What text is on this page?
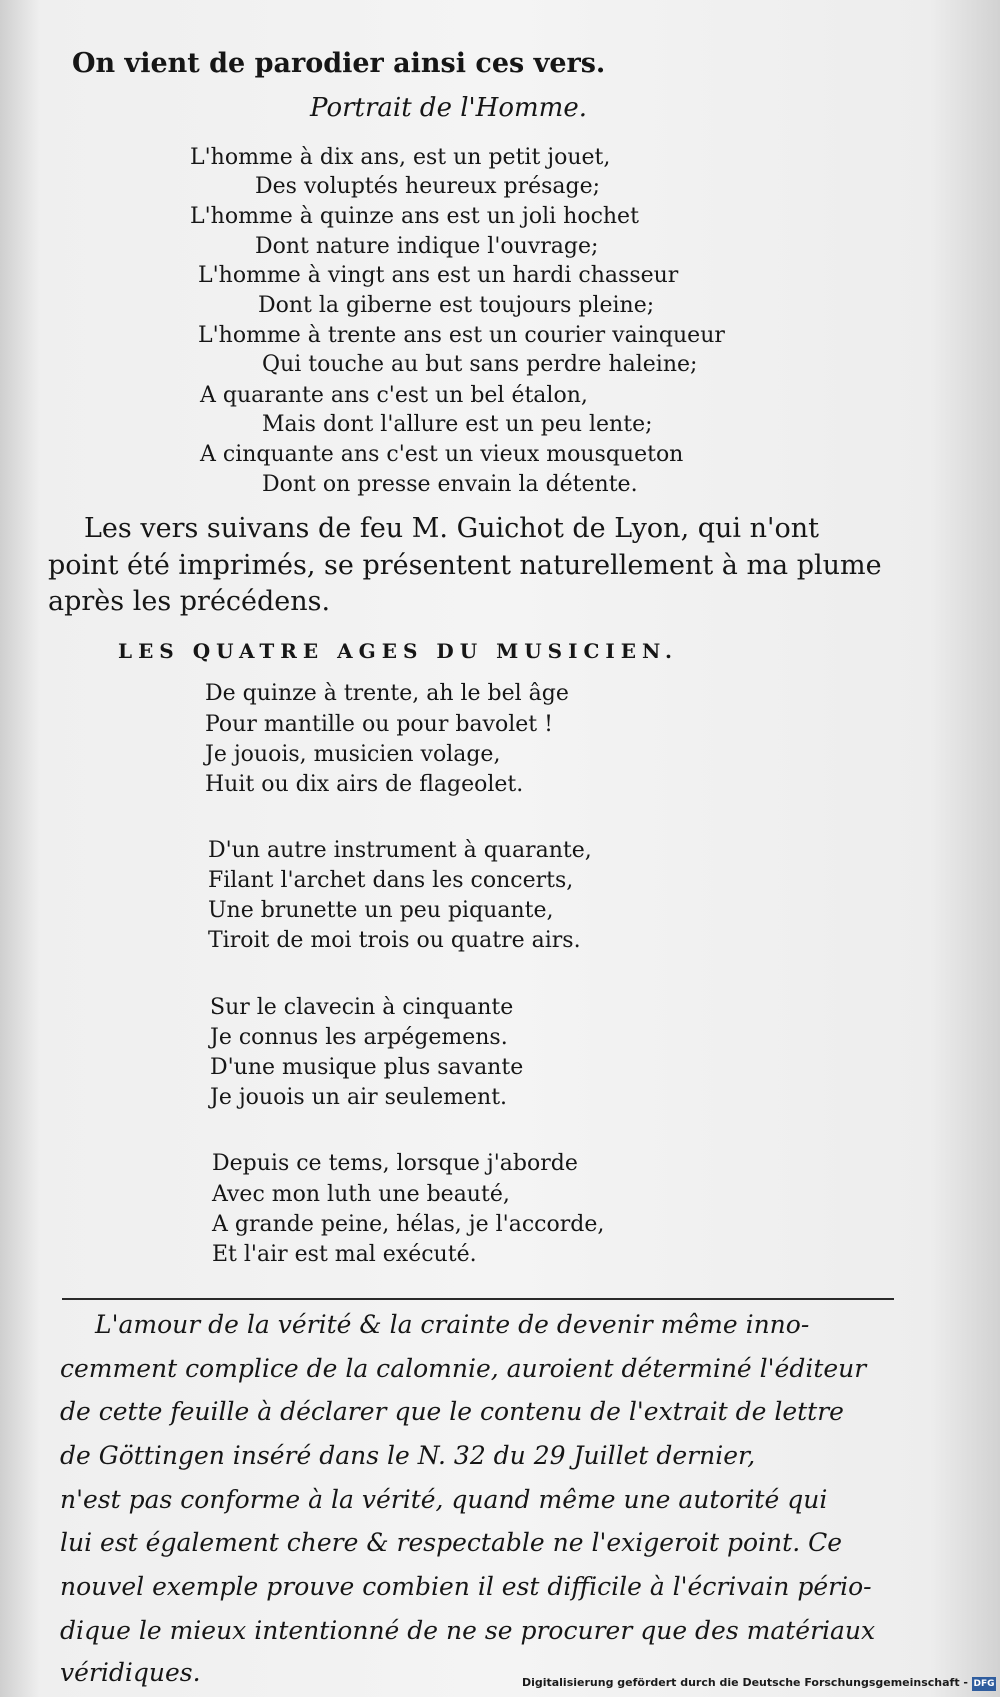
On vient de parodier ainsi ces vers.

Portrait de l'Homme.

L'homme à dix ans, est un petit jouet,

Des voluptés heureux présage;

L'homme à quinze ans est un joli hochet

Dont nature indique l'ouvrage;

L'homme à vingt ans est un hardi chasseur

Dont la giberne est toujours pleine;

L'homme à trente ans est un courier vainqueur

Qui touche au but sans perdre haleine;

A quarante ans c'est un bel étalon,

Mais dont l'allure est un peu lente;

A cinquante ans c'est un vieux mousqueton

Dont on presse envain la détente.

Les vers suivans de feu M. Guichot de Lyon, qui n'ont

point été imprimés, se présentent naturellement à ma plume

après les précédens.

LES QUATRE AGES DU MUSICIEN.

De quinze à trente, ah le bel âge

Pour mantille ou pour bavolet !

Je jouois, musicien volage,

Huit ou dix airs de flageolet.

D'un autre instrument à quarante,

Filant l'archet dans les concerts,

Une brunette un peu piquante,

Tiroit de moi trois ou quatre airs.

Sur le clavecin à cinquante

Je connus les arpégemens.

D'une musique plus savante

Je jouois un air seulement.

Depuis ce tems, lorsque j'aborde

Avec mon luth une beauté,

A grande peine, hélas, je l'accorde,

Et l'air est mal exécuté.

L'amour de la vérité & la crainte de devenir même inno-

cemment complice de la calomnie, auroient déterminé l'éditeur

de cette feuille à déclarer que le contenu de l'extrait de lettre

de Göttingen inséré dans le N. 32 du 29 Juillet dernier,

n'est pas conforme à la vérité, quand même une autorité qui

lui est également chere & respectable ne l'exigeroit point. Ce

nouvel exemple prouve combien il est difficile à l'écrivain pério-

dique le mieux intentionné de ne se procurer que des matériaux

véridiques.	Digitalisierung gefördert durch die Deutsche Forschungsgemeinschaft - DFG
